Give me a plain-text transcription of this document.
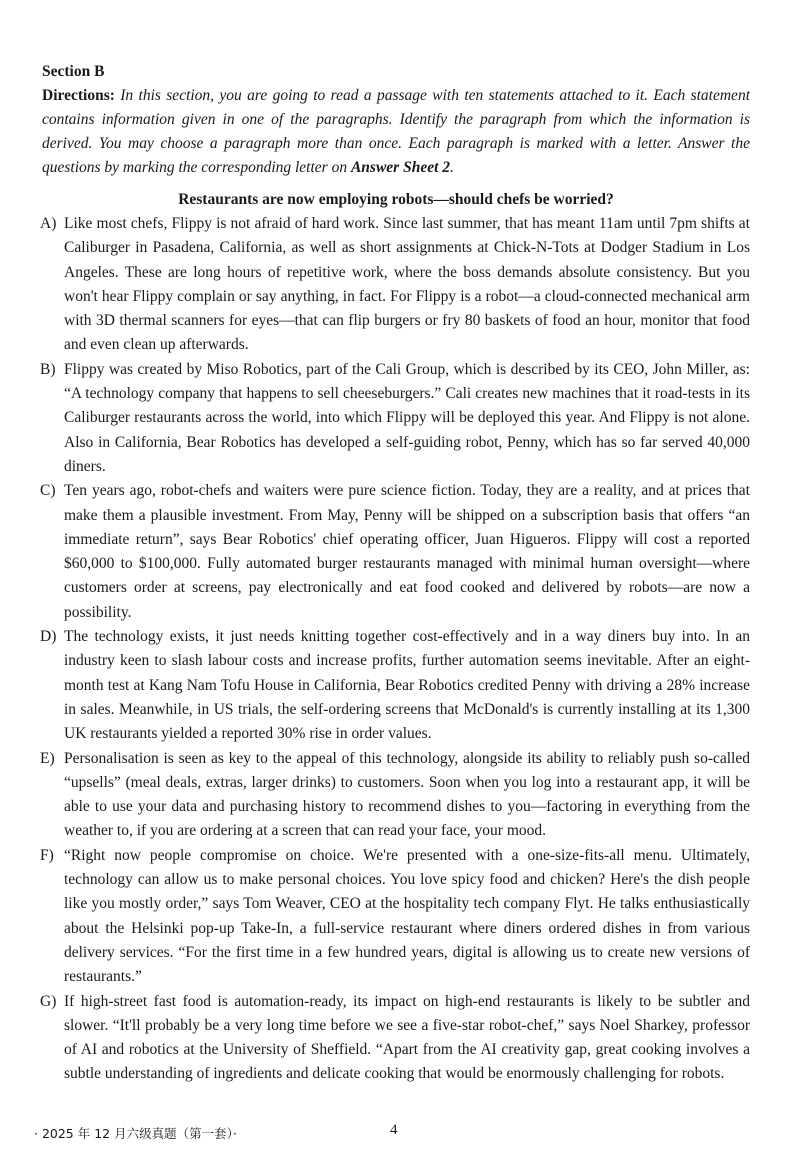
Section B

Directions: In this section, you are going to read a passage with ten statements attached to it. Each statement contains information given in one of the paragraphs. Identify the paragraph from which the information is derived. You may choose a paragraph more than once. Each paragraph is marked with a letter. Answer the questions by marking the corresponding letter on Answer Sheet 2.

Restaurants are now employing robots—should chefs be worried?

A) Like most chefs, Flippy is not afraid of hard work. Since last summer, that has meant 11am until 7pm shifts at Caliburger in Pasadena, California, as well as short assignments at Chick-N-Tots at Dodger Stadium in Los Angeles. These are long hours of repetitive work, where the boss demands absolute consistency. But you won't hear Flippy complain or say anything, in fact. For Flippy is a robot—a cloud-connected mechanical arm with 3D thermal scanners for eyes—that can flip burgers or fry 80 baskets of food an hour, monitor that food and even clean up afterwards.

B) Flippy was created by Miso Robotics, part of the Cali Group, which is described by its CEO, John Miller, as: “A technology company that happens to sell cheeseburgers.” Cali creates new machines that it road-tests in its Caliburger restaurants across the world, into which Flippy will be deployed this year. And Flippy is not alone. Also in California, Bear Robotics has developed a self-guiding robot, Penny, which has so far served 40,000 diners.

C) Ten years ago, robot-chefs and waiters were pure science fiction. Today, they are a reality, and at prices that make them a plausible investment. From May, Penny will be shipped on a subscription basis that offers “an immediate return”, says Bear Robotics' chief operating officer, Juan Higueros. Flippy will cost a reported $60,000 to $100,000. Fully automated burger restaurants managed with minimal human oversight—where customers order at screens, pay electronically and eat food cooked and delivered by robots—are now a possibility.

D) The technology exists, it just needs knitting together cost-effectively and in a way diners buy into. In an industry keen to slash labour costs and increase profits, further automation seems inevitable. After an eight-month test at Kang Nam Tofu House in California, Bear Robotics credited Penny with driving a 28% increase in sales. Meanwhile, in US trials, the self-ordering screens that McDonald's is currently installing at its 1,300 UK restaurants yielded a reported 30% rise in order values.

E) Personalisation is seen as key to the appeal of this technology, alongside its ability to reliably push so-called “upsells” (meal deals, extras, larger drinks) to customers. Soon when you log into a restaurant app, it will be able to use your data and purchasing history to recommend dishes to you—factoring in everything from the weather to, if you are ordering at a screen that can read your face, your mood.

F) “Right now people compromise on choice. We're presented with a one-size-fits-all menu. Ultimately, technology can allow us to make personal choices. You love spicy food and chicken? Here's the dish people like you mostly order,” says Tom Weaver, CEO at the hospitality tech company Flyt. He talks enthusiastically about the Helsinki pop-up Take-In, a full-service restaurant where diners ordered dishes in from various delivery services. “For the first time in a few hundred years, digital is allowing us to create new versions of restaurants.”

G) If high-street fast food is automation-ready, its impact on high-end restaurants is likely to be subtler and slower. “It'll probably be a very long time before we see a five-star robot-chef,” says Noel Sharkey, professor of AI and robotics at the University of Sheffield. “Apart from the AI creativity gap, great cooking involves a subtle understanding of ingredients and delicate cooking that would be enormously challenging for robots.

· 2025 年 12 月六级真题（第一套）·	4
